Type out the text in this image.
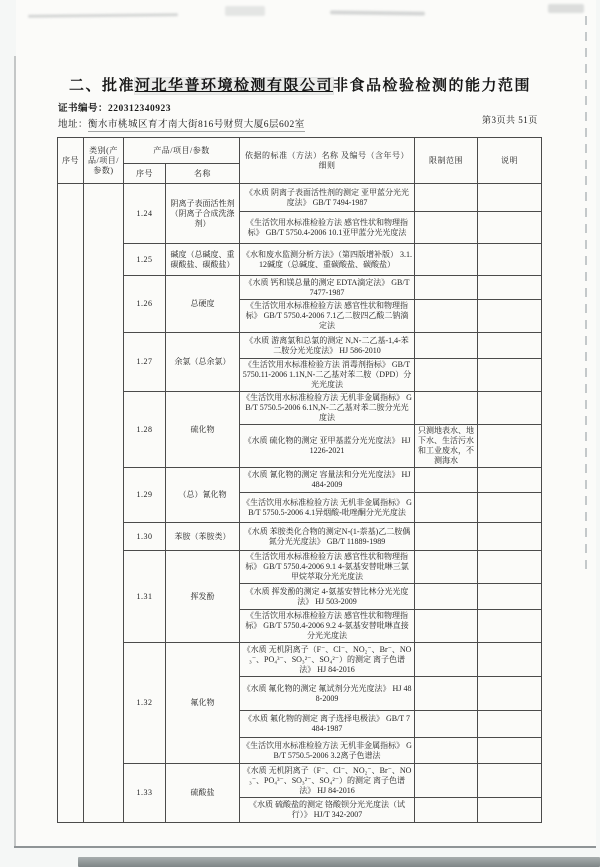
二、批准河北华普环境检测有限公司非食品检验检测的能力范围
证书编号：220312340923
地址：衡水市桃城区育才南大街816号财贸大厦6层602室	第3页共 51页
序号	类别(产品/项目/参数)	产品/项目/参数		依据的标准（方法）名称 及编号（含年号）细则	限制范围	说明
		序号	名称			
		1.24	阴离子表面活性剂（阴离子合成洗涤剂）	《水质 阴离子表面活性剂的测定 亚甲蓝分光光度法》 GB/T 7494-1987		
				《生活饮用水标准检验方法 感官性状和物理指标》 GB/T 5750.4-2006 10.1亚甲蓝分光光度法		
		1.25	碱度（总碱度、重碳酸盐、碳酸盐）	《水和废水监测分析方法》（第四版增补版） 3.1.12碱度（总碱度、重碳酸盐、碳酸盐）		
		1.26	总硬度	《水质 钙和镁总量的测定 EDTA滴定法》 GB/T 7477-1987		
				《生活饮用水标准检验方法 感官性状和物理指标》 GB/T 5750.4-2006 7.1乙二胺四乙酸二钠滴定法		
		1.27	余氯（总余氯）	《水质 游离氯和总氯的测定 N,N-二乙基-1,4-苯二胺分光光度法》 HJ 586-2010		
				《生活饮用水标准检验方法 消毒剂指标》 GB/T 5750.11-2006 1.1N,N-二乙基对苯二胺（DPD）分光光度法		
		1.28	硫化物	《生活饮用水标准检验方法 无机非金属指标》 GB/T 5750.5-2006 6.1N,N-二乙基对苯二胺分光光度法		
				《水质 硫化物的测定 亚甲基蓝分光光度法》 HJ 1226-2021	只测地表水、地下水、生活污水和工业废水，不测海水	
		1.29	（总）氰化物	《水质 氰化物的测定 容量法和分光光度法》 HJ 484-2009		
				《生活饮用水标准检验方法 无机非金属指标》 GB/T 5750.5-2006 4.1异烟酸-吡唑酮分光光度法		
		1.30	苯胺（苯胺类）	《水质 苯胺类化合物的测定N-(1-萘基)乙二胺偶氮分光光度法》 GB/T 11889-1989		
		1.31	挥发酚	《生活饮用水标准检验方法 感官性状和物理指标》 GB/T 5750.4-2006 9.1 4-氨基安替吡啉三氯甲烷萃取分光光度法		
				《水质 挥发酚的测定 4-氨基安替比林分光光度法》 HJ 503-2009		
				《生活饮用水标准检验方法 感官性状和物理指标》 GB/T 5750.4-2006 9.2 4-氨基安替吡啉直接分光光度法		
		1.32	氟化物	《水质 无机阴离子（F⁻、Cl⁻、NO₂⁻、Br⁻、NO₃⁻、PO₄³⁻、SO₃²⁻、SO₄²⁻）的测定 离子色谱法》 HJ 84-2016		
				《水质 氟化物的测定 氟试剂分光光度法》 HJ 488-2009		
				《水质 氟化物的测定 离子选择电极法》 GB/T 7484-1987		
				《生活饮用水标准检验方法 无机非金属指标》 GB/T 5750.5-2006 3.2离子色谱法		
		1.33	硫酸盐	《水质 无机阴离子（F⁻、Cl⁻、NO₂⁻、Br⁻、NO₃⁻、PO₄³⁻、SO₃²⁻、SO₄²⁻）的测定 离子色谱法》 HJ 84-2016		
				《水质 硫酸盐的测定 铬酸钡分光光度法（试行）》 HJ/T 342-2007		
